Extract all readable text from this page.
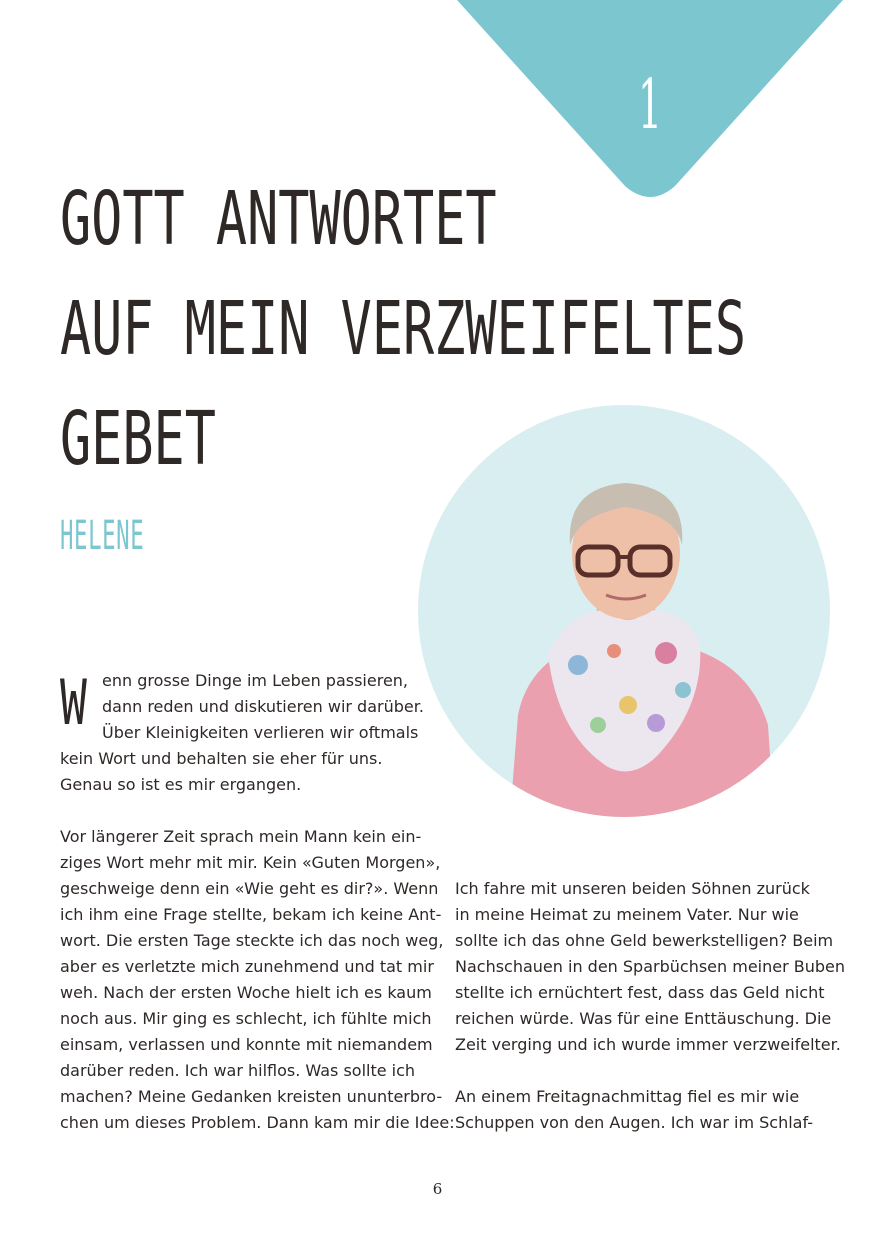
1
GOTT ANTWORTET
AUF MEIN VERZWEIFELTES
GEBET
HELENE
W enn grosse Dinge im Leben passieren,
dann reden und diskutieren wir darüber.
Über Kleinigkeiten verlieren wir oftmals
kein Wort und behalten sie eher für uns.
Genau so ist es mir ergangen.
Vor längerer Zeit sprach mein Mann kein ein-
ziges Wort mehr mit mir. Kein «Guten Morgen»,
geschweige denn ein «Wie geht es dir?». Wenn
ich ihm eine Frage stellte, bekam ich keine Ant-
wort. Die ersten Tage steckte ich das noch weg,
aber es verletzte mich zunehmend und tat mir
weh. Nach der ersten Woche hielt ich es kaum
noch aus. Mir ging es schlecht, ich fühlte mich
einsam, verlassen und konnte mit niemandem
darüber reden. Ich war hilflos. Was sollte ich
machen? Meine Gedanken kreisten ununterbro-
chen um dieses Problem. Dann kam mir die Idee:
Ich fahre mit unseren beiden Söhnen zurück
in meine Heimat zu meinem Vater. Nur wie
sollte ich das ohne Geld bewerkstelligen? Beim
Nachschauen in den Sparbüchsen meiner Buben
stellte ich ernüchtert fest, dass das Geld nicht
reichen würde. Was für eine Enttäuschung. Die
Zeit verging und ich wurde immer verzweifelter.
An einem Freitagnachmittag fiel es mir wie
Schuppen von den Augen. Ich war im Schlaf-
6
